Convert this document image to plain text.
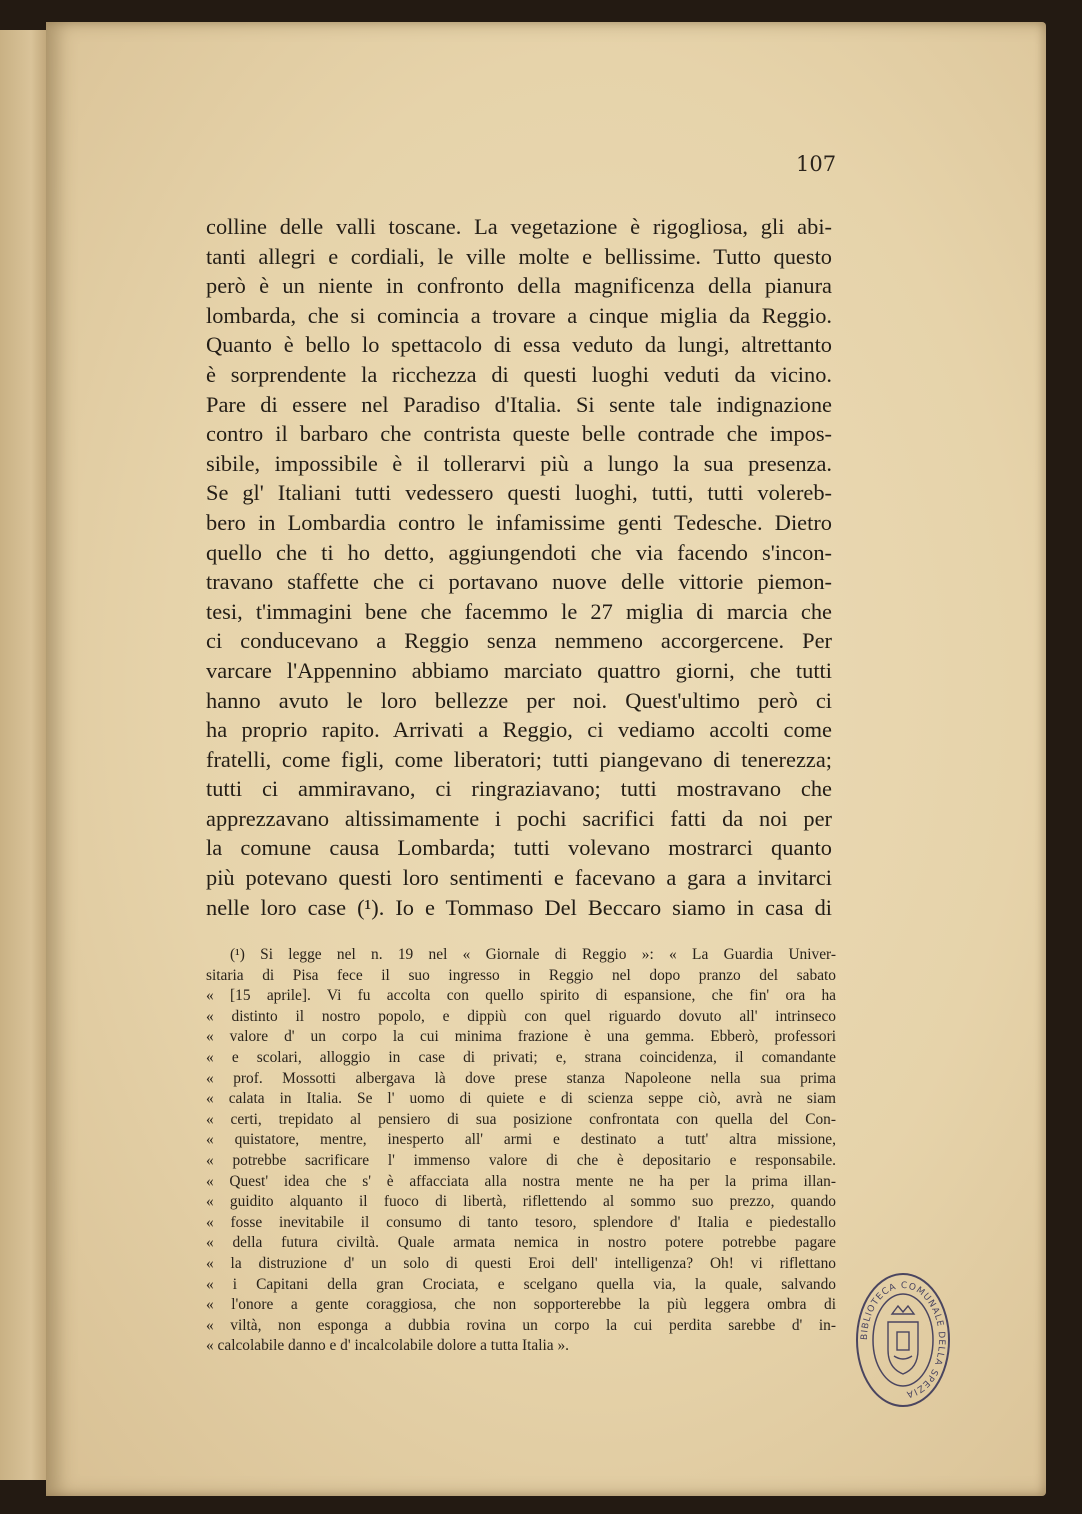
107
colline delle valli toscane. La vegetazione è rigogliosa, gli abi-
tanti allegri e cordiali, le ville molte e bellissime. Tutto questo
però è un niente in confronto della magnificenza della pianura
lombarda, che si comincia a trovare a cinque miglia da Reggio.
Quanto è bello lo spettacolo di essa veduto da lungi, altrettanto
è sorprendente la ricchezza di questi luoghi veduti da vicino.
Pare di essere nel Paradiso d'Italia. Si sente tale indignazione
contro il barbaro che contrista queste belle contrade che impos-
sibile, impossibile è il tollerarvi più a lungo la sua presenza.
Se gl' Italiani tutti vedessero questi luoghi, tutti, tutti volereb-
bero in Lombardia contro le infamissime genti Tedesche. Dietro
quello che ti ho detto, aggiungendoti che via facendo s'incon-
travano staffette che ci portavano nuove delle vittorie piemon-
tesi, t'immagini bene che facemmo le 27 miglia di marcia che
ci conducevano a Reggio senza nemmeno accorgercene. Per
varcare l'Appennino abbiamo marciato quattro giorni, che tutti
hanno avuto le loro bellezze per noi. Quest'ultimo però ci
ha proprio rapito. Arrivati a Reggio, ci vediamo accolti come
fratelli, come figli, come liberatori; tutti piangevano di tenerezza;
tutti ci ammiravano, ci ringraziavano; tutti mostravano che
apprezzavano altissimamente i pochi sacrifici fatti da noi per
la comune causa Lombarda; tutti volevano mostrarci quanto
più potevano questi loro sentimenti e facevano a gara a invitarci
nelle loro case (¹). Io e Tommaso Del Beccaro siamo in casa di
(¹) Si legge nel n. 19 nel « Giornale di Reggio »: « La Guardia Univer-
sitaria di Pisa fece il suo ingresso in Reggio nel dopo pranzo del sabato
« [15 aprile]. Vi fu accolta con quello spirito di espansione, che fin' ora ha
« distinto il nostro popolo, e dippiù con quel riguardo dovuto all' intrinseco
« valore d' un corpo la cui minima frazione è una gemma. Ebberò, professori
« e scolari, alloggio in case di privati; e, strana coincidenza, il comandante
« prof. Mossotti albergava là dove prese stanza Napoleone nella sua prima
« calata in Italia. Se l' uomo di quiete e di scienza seppe ciò, avrà ne siam
« certi, trepidato al pensiero di sua posizione confrontata con quella del Con-
« quistatore, mentre, inesperto all' armi e destinato a tutt' altra missione,
« potrebbe sacrificare l' immenso valore di che è depositario e responsabile.
« Quest' idea che s' è affacciata alla nostra mente ne ha per la prima illan-
« guidito alquanto il fuoco di libertà, riflettendo al sommo suo prezzo, quando
« fosse inevitabile il consumo di tanto tesoro, splendore d' Italia e piedestallo
« della futura civiltà. Quale armata nemica in nostro potere potrebbe pagare
« la distruzione d' un solo di questi Eroi dell' intelligenza? Oh! vi riflettano
« i Capitani della gran Crociata, e scelgano quella via, la quale, salvando
« l'onore a gente coraggiosa, che non sopporterebbe la più leggera ombra di
« viltà, non esponga a dubbia rovina un corpo la cui perdita sarebbe d' in-
« calcolabile danno e d' incalcolabile dolore a tutta Italia ».
BIBLIOTECA COMUNALE DELLA SPEZIA
